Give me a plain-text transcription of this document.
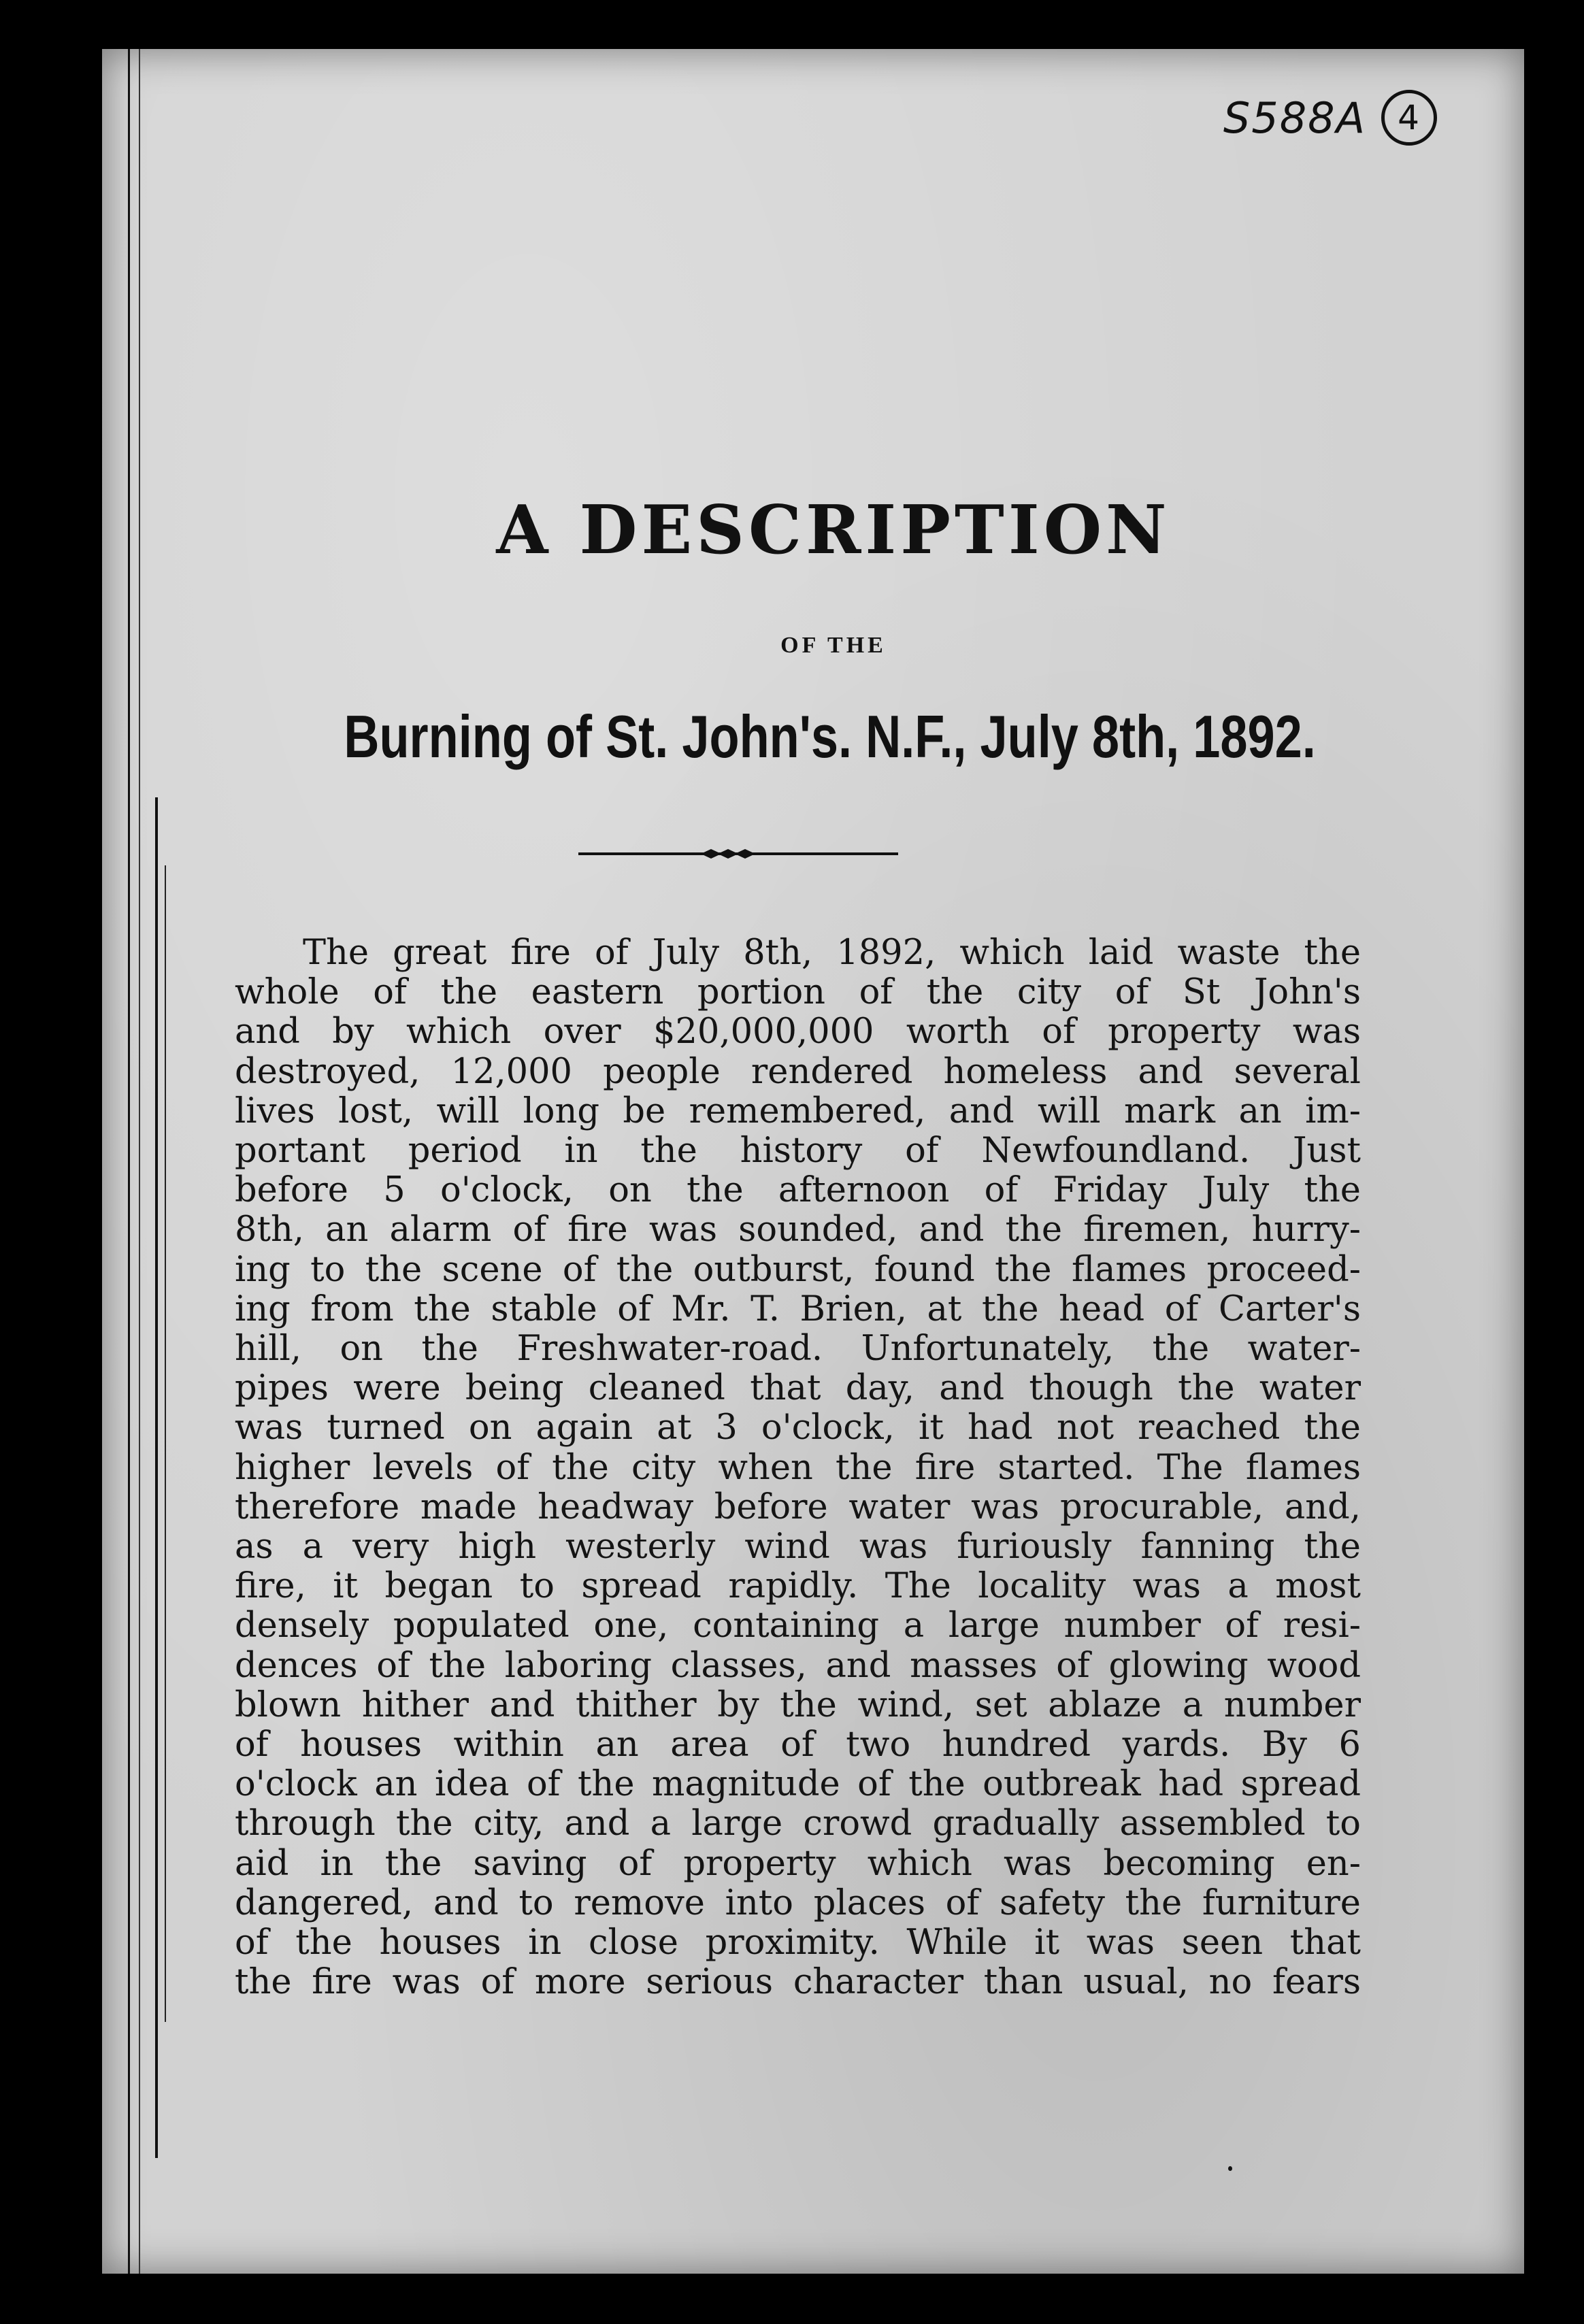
S588A 4
A DESCRIPTION
OF THE
Burning of St. John's. N.F., July 8th, 1892.
The great fire of July 8th, 1892, which laid waste the
whole of the eastern portion of the city of St John's
and by which over $20,000,000 worth of property was
destroyed, 12,000 people rendered homeless and several
lives lost, will long be remembered, and will mark an im-
portant period in the history of Newfoundland. Just
before 5 o'clock, on the afternoon of Friday July the
8th, an alarm of fire was sounded, and the firemen, hurry-
ing to the scene of the outburst, found the flames proceed-
ing from the stable of Mr. T. Brien, at the head of Carter's
hill, on the Freshwater-road. Unfortunately, the water-
pipes were being cleaned that day, and though the water
was turned on again at 3 o'clock, it had not reached the
higher levels of the city when the fire started. The flames
therefore made headway before water was procurable, and,
as a very high westerly wind was furiously fanning the
fire, it began to spread rapidly. The locality was a most
densely populated one, containing a large number of resi-
dences of the laboring classes, and masses of glowing wood
blown hither and thither by the wind, set ablaze a number
of houses within an area of two hundred yards. By 6
o'clock an idea of the magnitude of the outbreak had spread
through the city, and a large crowd gradually assembled to
aid in the saving of property which was becoming en-
dangered, and to remove into places of safety the furniture
of the houses in close proximity. While it was seen that
the fire was of more serious character than usual, no fears
